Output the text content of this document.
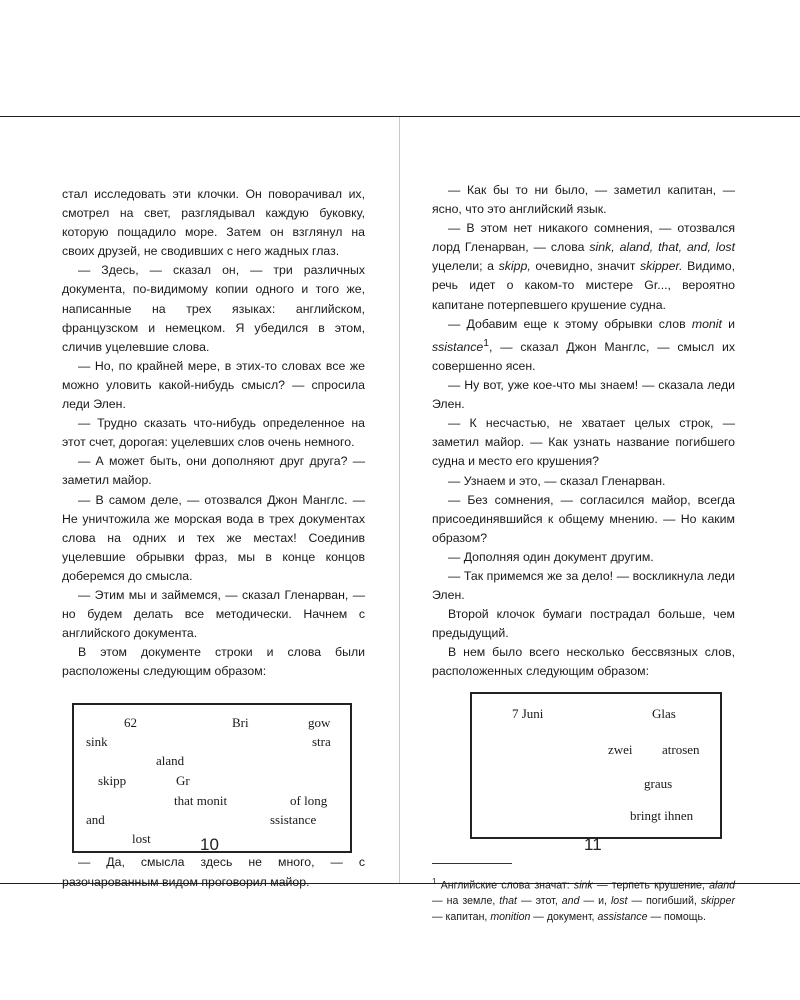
стал исследовать эти клочки. Он поворачивал их, смотрел на свет, разглядывал каждую буковку, которую пощадило море. Затем он взглянул на своих друзей, не сводивших с него жадных глаз.

— Здесь, — сказал он, — три различных документа, по-видимому копии одного и того же, написанные на трех языках: английском, французском и немецком. Я убедился в этом, сличив уцелевшие слова.

— Но, по крайней мере, в этих-то словах все же можно уловить какой-нибудь смысл? — спросила леди Элен.

— Трудно сказать что-нибудь определенное на этот счет, дорогая: уцелевших слов очень немного.

— А может быть, они дополняют друг друга? — заметил майор.

— В самом деле, — отозвался Джон Манглс. — Не уничтожила же морская вода в трех документах слова на одних и тех же местах! Соединив уцелевшие обрывки фраз, мы в конце концов доберемся до смысла.

— Этим мы и займемся, — сказал Гленарван, — но будем делать все методически. Начнем с английского документа.

В этом документе строки и слова были расположены следующим образом:

62	Bri	gow
sink	stra
aland
skipp	Gr
that monit	of long
and	ssistance
lost

— Да, смысла здесь не много, — с разочарованным видом проговорил майор.

10

— Как бы то ни было, — заметил капитан, — ясно, что это английский язык.

— В этом нет никакого сомнения, — отозвался лорд Гленарван, — слова sink, aland, that, and, lost уцелели; а skipp, очевидно, значит skipper. Видимо, речь идет о каком-то мистере Gr..., вероятно капитане потерпевшего крушение судна.

— Добавим еще к этому обрывки слов monit и ssistance$^1$, — сказал Джон Манглс, — смысл их совершенно ясен.

— Ну вот, уже кое-что мы знаем! — сказала леди Элен.

— К несчастью, не хватает целых строк, — заметил майор. — Как узнать название погибшего судна и место его крушения?

— Узнаем и это, — сказал Гленарван.

— Без сомнения, — согласился майор, всегда присоединявшийся к общему мнению. — Но каким образом?

— Дополняя один документ другим.

— Так примемся же за дело! — воскликнула леди Элен.

Второй клочок бумаги пострадал больше, чем предыдущий.

В нем было всего несколько бессвязных слов, расположенных следующим образом:

7 Juni	Glas
zwei atrosen
graus
bringt ihnen
$^1$ Английские слова значат: sink — терпеть крушение, aland — на земле, that — этот, and — и, lost — погибший, skipper — капитан, monition — документ, assistance — помощь.
11
